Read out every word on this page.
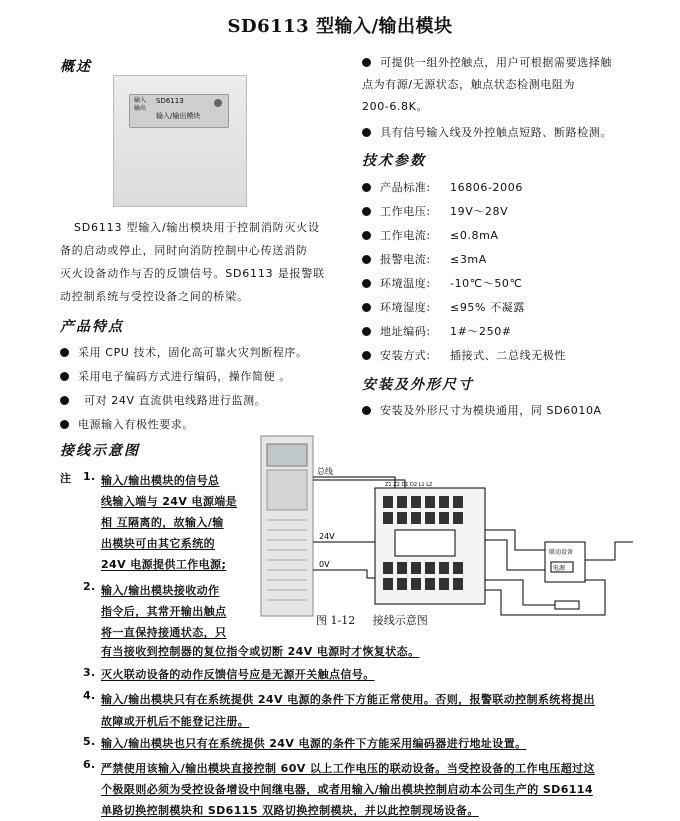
SD6113 型输入/输出模块
概述
输入
输出
SD6113
输入/输出模块
SD6113 型输入/输出模块用于控制消防灭火设
备的启动或停止，同时向消防控制中心传送消防
灭火设备动作与否的反馈信号。SD6113 是报警联
动控制系统与受控设备之间的桥梁。
产品特点
采用 CPU 技术，固化高可靠火灾判断程序。
采用电子编码方式进行编码，操作简便 。
可对 24V 直流供电线路进行监测。
电源输入有极性要求。
可提供一组外控触点，用户可根据需要选择触
点为有源/无源状态，触点状态检测电阻为
200-6.8K。
具有信号输入线及外控触点短路、断路检测。
技术参数
产品标准:	16806-2006
工作电压:	19V～28V
工作电流:	≤0.8mA
报警电流:	≤3mA
环境温度:	-10℃～50℃
环境湿度:	≤95% 不凝露
地址编码:	1#～250#
安装方式:	插接式、二总线无极性
安装及外形尺寸
安装及外形尺寸为模块通用，同 SD6010A
接线示意图
总线
24V
0V
Z1 Z2 D1 D2 L1 L2
联动设备
电源
图 1-12     接线示意图
注 1. 输入/输出模块的信号总
线输入端与 24V 电源端是
相 互隔离的，故输入/输
出模块可由其它系统的
24V 电源提供工作电源;
2. 输入/输出模块接收动作
指令后，其常开输出触点
将一直保持接通状态，只
有当接收到控制器的复位指令或切断 24V 电源时才恢复状态。
3. 灭火联动设备的动作反馈信号应是无源开关触点信号。
4. 输入/输出模块只有在系统提供 24V 电源的条件下方能正常使用。否则，报警联动控制系统将提出
故障或开机后不能登记注册。
5. 输入/输出模块也只有在系统提供 24V 电源的条件下方能采用编码器进行地址设置。
6. 严禁使用该输入/输出模块直接控制 60V 以上工作电压的联动设备。当受控设备的工作电压超过这
个极限则必须为受控设备增设中间继电器，或者用输入/输出模块控制启动本公司生产的 SD6114
单路切换控制模块和 SD6115 双路切换控制模块，并以此控制现场设备。
